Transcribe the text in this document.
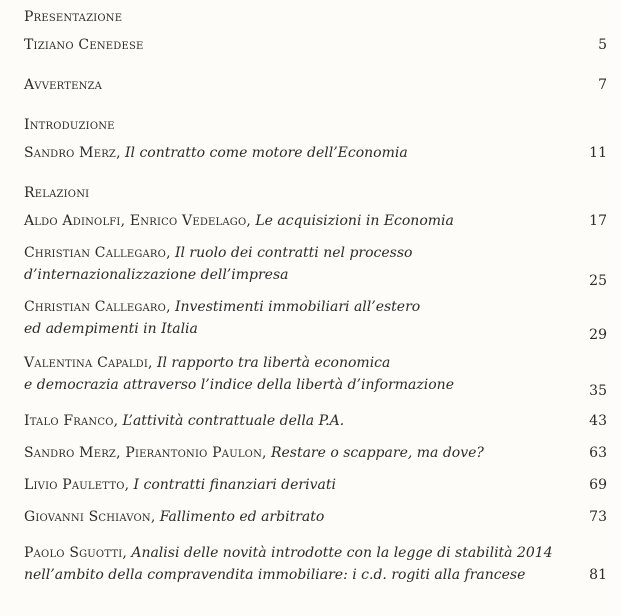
Presentazione
Tiziano Cenedese	5
Avvertenza	7
Introduzione
Sandro Merz, Il contratto come motore dell’Economia	11
Relazioni
Aldo Adinolfi, Enrico Vedelago, Le acquisizioni in Economia	17
Christian Callegaro, Il ruolo dei contratti nel processo
d’internazionalizzazione dell’impresa	25
Christian Callegaro, Investimenti immobiliari all’estero
ed adempimenti in Italia	29
Valentina Capaldi, Il rapporto tra libertà economica
e democrazia attraverso l’indice della libertà d’informazione	35
Italo Franco, L’attività contrattuale della P.A.	43
Sandro Merz, Pierantonio Paulon, Restare o scappare, ma dove?	63
Livio Pauletto, I contratti finanziari derivati	69
Giovanni Schiavon, Fallimento ed arbitrato	73
Paolo Sguotti, Analisi delle novità introdotte con la legge di stabilità 2014
nell’ambito della compravendita immobiliare: i c.d. rogiti alla francese	81
